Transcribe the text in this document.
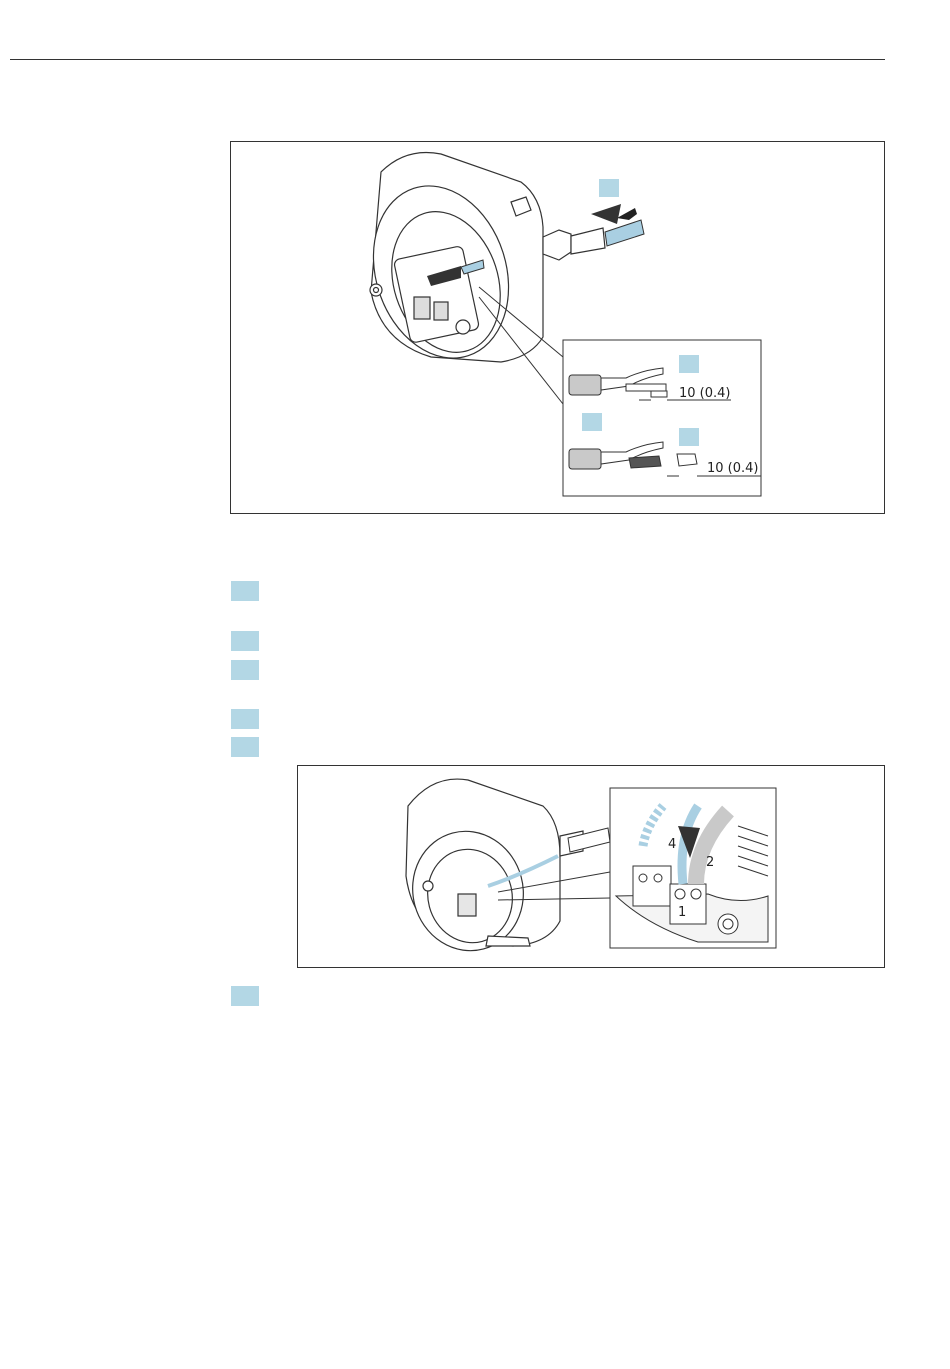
10 (0.4)
10 (0.4)
1
2
4
